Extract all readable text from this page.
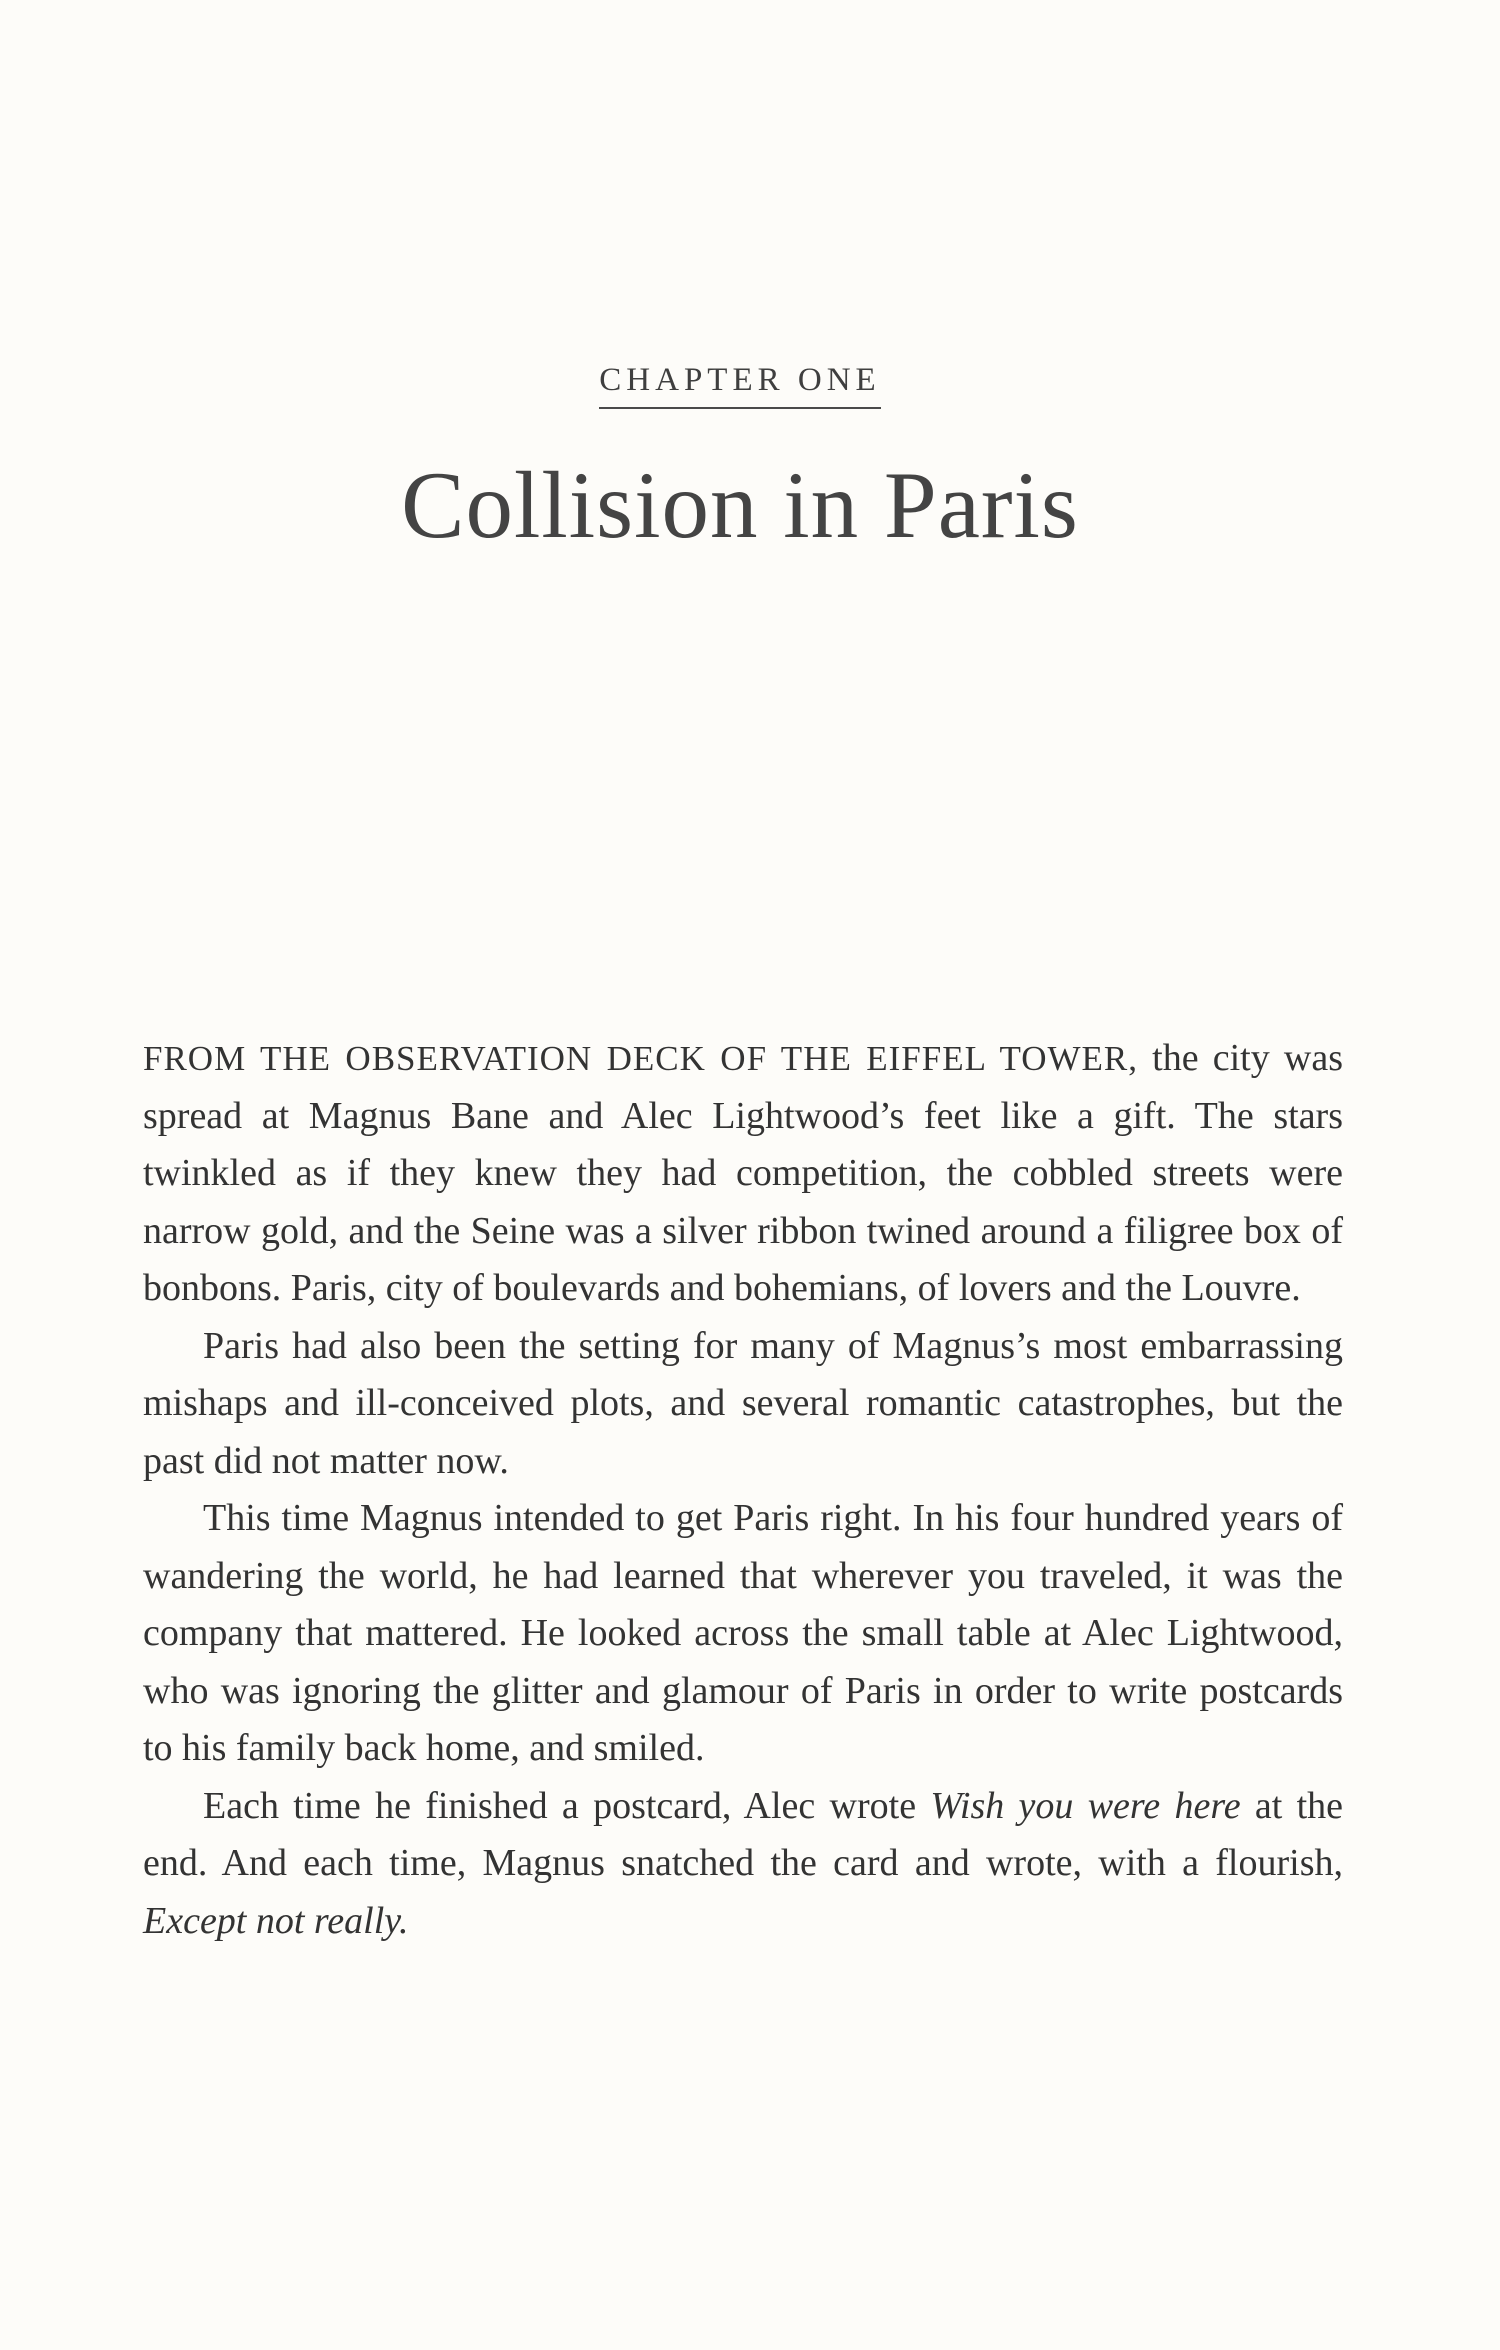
CHAPTER ONE
Collision in Paris

FROM THE OBSERVATION DECK OF THE EIFFEL TOWER, the city was spread at Magnus Bane and Alec Lightwood’s feet like a gift. The stars twinkled as if they knew they had competition, the cobbled streets were narrow gold, and the Seine was a silver ribbon twined around a filigree box of bonbons. Paris, city of boulevards and bohemians, of lovers and the Louvre.

Paris had also been the setting for many of Magnus’s most embarrassing mishaps and ill-conceived plots, and several romantic catastrophes, but the past did not matter now.

This time Magnus intended to get Paris right. In his four hundred years of wandering the world, he had learned that wherever you traveled, it was the company that mattered. He looked across the small table at Alec Lightwood, who was ignoring the glitter and glamour of Paris in order to write postcards to his family back home, and smiled.

Each time he finished a postcard, Alec wrote Wish you were here at the end. And each time, Magnus snatched the card and wrote, with a flourish, Except not really.
